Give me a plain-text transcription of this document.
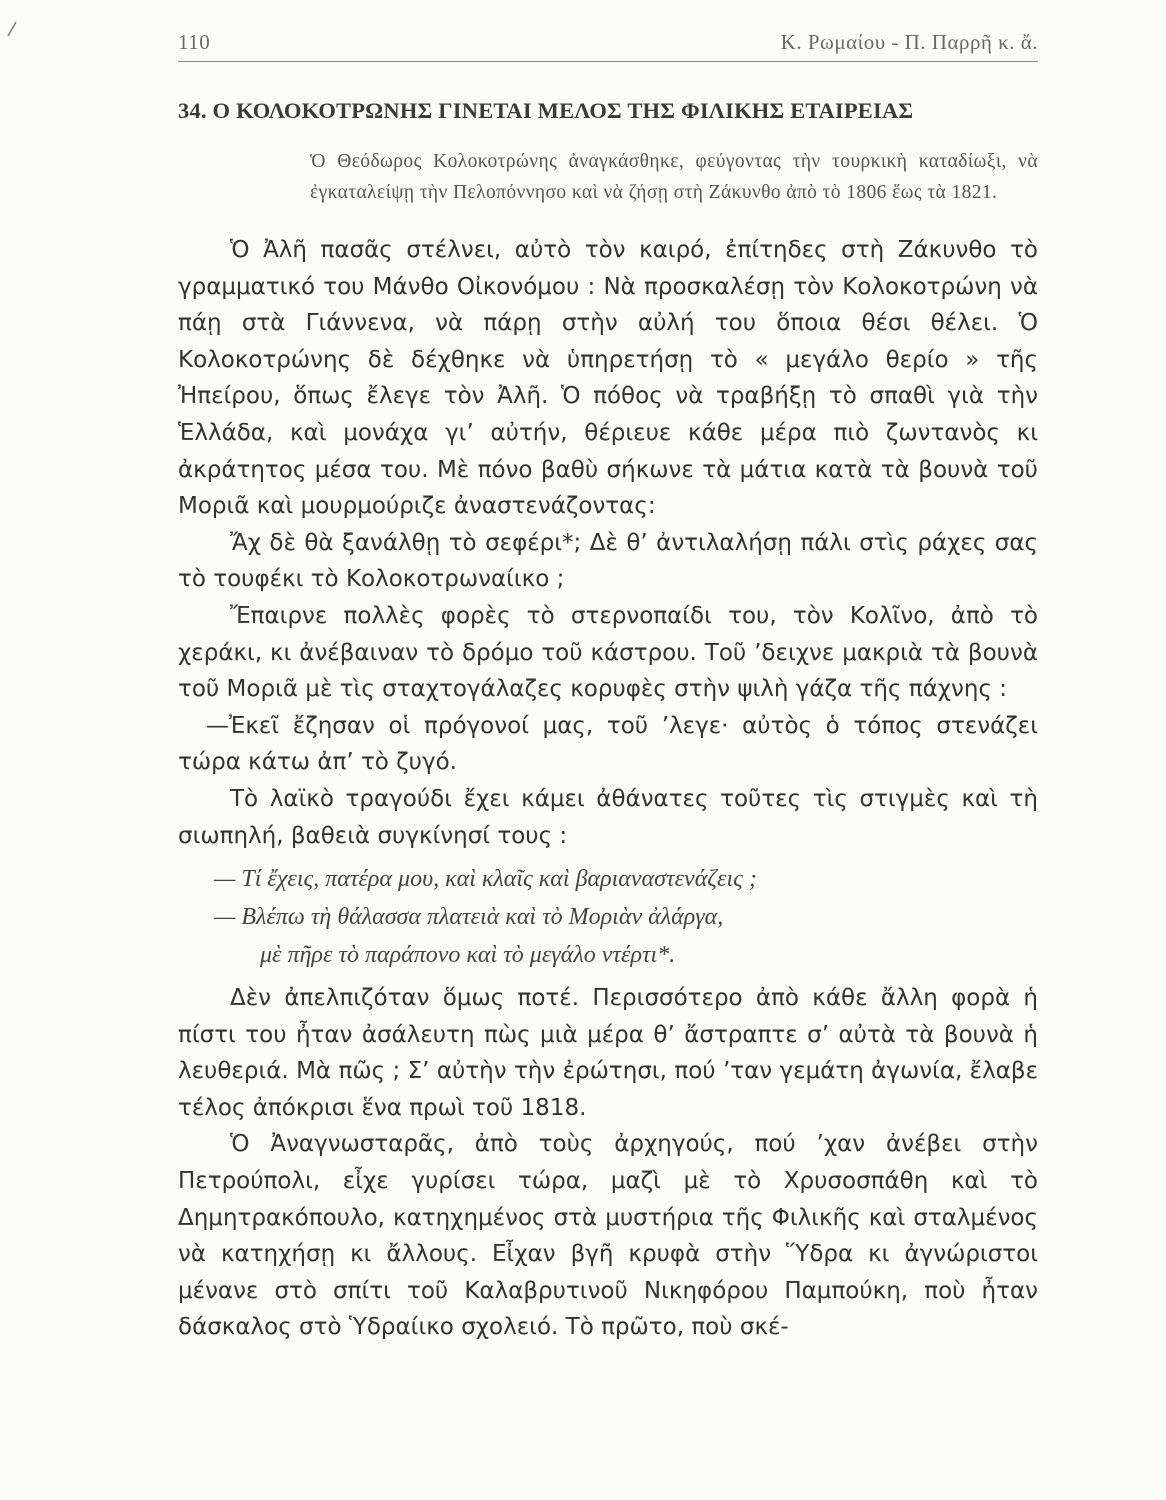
110	Κ. Ρωμαίου - Π. Παρρῆ κ. ἄ.
34. Ο ΚΟΛΟΚΟΤΡΩΝΗΣ ΓΙΝΕΤΑΙ ΜΕΛΟΣ ΤΗΣ ΦΙΛΙΚΗΣ ΕΤΑΙΡΕΙΑΣ
Ὁ Θεόδωρος Κολοκοτρώνης ἀναγκάσθηκε, φεύγοντας τὴν τουρκικὴ καταδίωξι, νὰ ἐγκαταλείψῃ τὴν Πελοπόννησο καὶ νὰ ζήσῃ στὴ Ζάκυνθο ἀπὸ τὸ 1806 ἕως τὰ 1821.

Ὁ Ἀλῆ πασᾶς στέλνει, αὐτὸ τὸν καιρό, ἐπίτηδες στὴ Ζάκυνθο τὸ γραμματικό του Μάνθο Οἰκονόμου : Νὰ προσκαλέσῃ τὸν Κολοκοτρώνη νὰ πάῃ στὰ Γιάννενα, νὰ πάρῃ στὴν αὐλή του ὅποια θέσι θέλει. Ὁ Κολοκοτρώνης δὲ δέχθηκε νὰ ὑπηρετήσῃ τὸ « μεγάλο θερίο » τῆς Ἠπείρου, ὅπως ἔλεγε τὸν Ἀλῆ. Ὁ πόθος νὰ τραβήξῃ τὸ σπαθὶ γιὰ τὴν Ἑλλάδα, καὶ μονάχα γι’ αὐτήν, θέριευε κάθε μέρα πιὸ ζωντανὸς κι ἀκράτητος μέσα του. Μὲ πόνο βαθὺ σήκωνε τὰ μάτια κατὰ τὰ βουνὰ τοῦ Μοριᾶ καὶ μουρμούριζε ἀναστενάζοντας:

Ἄχ δὲ θὰ ξανάλθῃ τὸ σεφέρι*; Δὲ θ’ ἀντιλαλήσῃ πάλι στὶς ράχες σας τὸ τουφέκι τὸ Κολοκοτρωναίικο ;

Ἔπαιρνε πολλὲς φορὲς τὸ στερνοπαίδι του, τὸν Κολῖνο, ἀπὸ τὸ χεράκι, κι ἀνέβαιναν τὸ δρόμο τοῦ κάστρου. Τοῦ ’δειχνε μακριὰ τὰ βουνὰ τοῦ Μοριᾶ μὲ τὶς σταχτογάλαζες κορυφὲς στὴν ψιλὴ γάζα τῆς πάχνης :

—Ἐκεῖ ἔζησαν οἱ πρόγονοί μας, τοῦ ’λεγε· αὐτὸς ὁ τόπος στενάζει τώρα κάτω ἀπ’ τὸ ζυγό.

Τὸ λαϊκὸ τραγούδι ἔχει κάμει ἀθάνατες τοῦτες τὶς στιγμὲς καὶ τὴ σιωπηλή, βαθειὰ συγκίνησί τους :

— Τί ἔχεις, πατέρα μου, καὶ κλαῖς καὶ βαριαναστενάζεις ;
— Βλέπω τὴ θάλασσα πλατειὰ καὶ τὸ Μοριὰν ἀλάργα,
μὲ πῆρε τὸ παράπονο καὶ τὸ μεγάλο ντέρτι*.

Δὲν ἀπελπιζόταν ὅμως ποτέ. Περισσότερο ἀπὸ κάθε ἄλλη φορὰ ἡ πίστι του ἦταν ἀσάλευτη πὼς μιὰ μέρα θ’ ἄστραπτε σ’ αὐτὰ τὰ βουνὰ ἡ λευθεριά. Μὰ πῶς ; Σ’ αὐτὴν τὴν ἐρώτησι, πού ’ταν γεμάτη ἀγωνία, ἔλαβε τέλος ἀπόκρισι ἕνα πρωὶ τοῦ 1818.

Ὁ Ἀναγνωσταρᾶς, ἀπὸ τοὺς ἀρχηγούς, πού ’χαν ἀνέβει στὴν Πετρούπολι, εἶχε γυρίσει τώρα, μαζὶ μὲ τὸ Χρυσοσπάθη καὶ τὸ Δημητρακόπουλο, κατηχημένος στὰ μυστήρια τῆς Φιλικῆς καὶ σταλμένος νὰ κατηχήσῃ κι ἄλλους. Εἶχαν βγῆ κρυφὰ στὴν Ὕδρα κι ἀγνώριστοι μένανε στὸ σπίτι τοῦ Καλαβρυτινοῦ Νικηφόρου Παμπούκη, ποὺ ἦταν δάσκαλος στὸ Ὑδραίικο σχολειό. Τὸ πρῶτο, ποὺ σκέ-
